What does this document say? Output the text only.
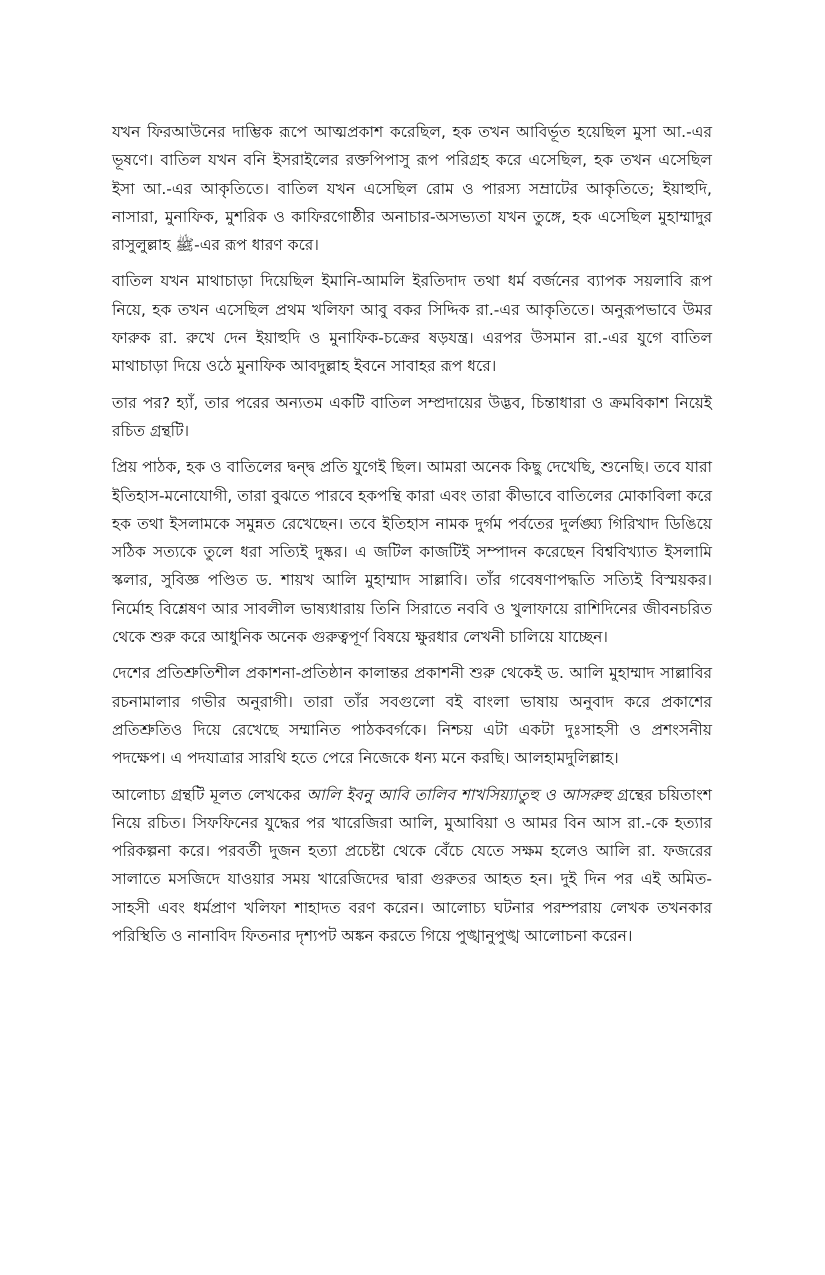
যখন ফিরআউনের দাম্ভিক রূপে আত্মপ্রকাশ করেছিল, হক তখন আবির্ভূত হয়েছিল মুসা আ.-এর ভূষণে। বাতিল যখন বনি ইসরাইলের রক্তপিপাসু রূপ পরিগ্রহ করে এসেছিল, হক তখন এসেছিল ইসা আ.-এর আকৃতিতে। বাতিল যখন এসেছিল রোম ও পারস্য সম্রাটের আকৃতিতে; ইয়াহুদি, নাসারা, মুনাফিক, মুশরিক ও কাফিরগোষ্ঠীর অনাচার-অসভ্যতা যখন তুঙ্গে, হক এসেছিল মুহাম্মাদুর রাসুলুল্লাহ ﷺ-এর রূপ ধারণ করে।

বাতিল যখন মাথাচাড়া দিয়েছিল ইমানি-আমলি ইরতিদাদ তথা ধর্ম বর্জনের ব্যাপক সয়লাবি রূপ নিয়ে, হক তখন এসেছিল প্রথম খলিফা আবু বকর সিদ্দিক রা.-এর আকৃতিতে। অনুরূপভাবে উমর ফারুক রা. রুখে দেন ইয়াহুদি ও মুনাফিক-চক্রের ষড়যন্ত্র। এরপর উসমান রা.-এর যুগে বাতিল মাথাচাড়া দিয়ে ওঠে মুনাফিক আবদুল্লাহ ইবনে সাবাহর রূপ ধরে।

তার পর? হ্যাঁ, তার পরের অন্যতম একটি বাতিল সম্প্রদায়ের উদ্ভব, চিন্তাধারা ও ক্রমবিকাশ নিয়েই রচিত গ্রন্থটি।

প্রিয় পাঠক, হক ও বাতিলের দ্বন্দ্ব প্রতি যুগেই ছিল। আমরা অনেক কিছু দেখেছি, শুনেছি। তবে যারা ইতিহাস-মনোযোগী, তারা বুঝতে পারবে হকপন্থি কারা এবং তারা কীভাবে বাতিলের মোকাবিলা করে হক তথা ইসলামকে সমুন্নত রেখেছেন। তবে ইতিহাস নামক দুর্গম পর্বতের দুর্লঙ্ঘ্য গিরিখাদ ডিঙিয়ে সঠিক সত্যকে তুলে ধরা সত্যিই দুষ্কর। এ জটিল কাজটিই সম্পাদন করেছেন বিশ্ববিখ্যাত ইসলামি স্কলার, সুবিজ্ঞ পণ্ডিত ড. শায়খ আলি মুহাম্মাদ সাল্লাবি। তাঁর গবেষণাপদ্ধতি সত্যিই বিস্ময়কর। নির্মোহ বিশ্লেষণ আর সাবলীল ভাষ্যধারায় তিনি সিরাতে নববি ও খুলাফায়ে রাশিদিনের জীবনচরিত থেকে শুরু করে আধুনিক অনেক গুরুত্বপূর্ণ বিষয়ে ক্ষুরধার লেখনী চালিয়ে যাচ্ছেন।

দেশের প্রতিশ্রুতিশীল প্রকাশনা-প্রতিষ্ঠান কালান্তর প্রকাশনী শুরু থেকেই ড. আলি মুহাম্মাদ সাল্লাবির রচনামালার গভীর অনুরাগী। তারা তাঁর সবগুলো বই বাংলা ভাষায় অনুবাদ করে প্রকাশের প্রতিশ্রুতিও দিয়ে রেখেছে সম্মানিত পাঠকবর্গকে। নিশ্চয় এটা একটা দুঃসাহসী ও প্রশংসনীয় পদক্ষেপ। এ পদযাত্রার সারথি হতে পেরে নিজেকে ধন্য মনে করছি। আলহামদুলিল্লাহ।

আলোচ্য গ্রন্থটি মূলত লেখকের আলি ইবনু আবি তালিব শাখসিয়্যাতুহু ও আসরুহু গ্রন্থের চয়িতাংশ নিয়ে রচিত। সিফফিনের যুদ্ধের পর খারেজিরা আলি, মুআবিয়া ও আমর বিন আস রা.-কে হত্যার পরিকল্পনা করে। পরবর্তী দুজন হত্যা প্রচেষ্টা থেকে বেঁচে যেতে সক্ষম হলেও আলি রা. ফজরের সালাতে মসজিদে যাওয়ার সময় খারেজিদের দ্বারা গুরুতর আহত হন। দুই দিন পর এই অমিত-সাহসী এবং ধর্মপ্রাণ খলিফা শাহাদত বরণ করেন। আলোচ্য ঘটনার পরম্পরায় লেখক তখনকার পরিস্থিতি ও নানাবিদ ফিতনার দৃশ্যপট অঙ্কন করতে গিয়ে পুঙ্খানুপুঙ্খ আলোচনা করেন।
